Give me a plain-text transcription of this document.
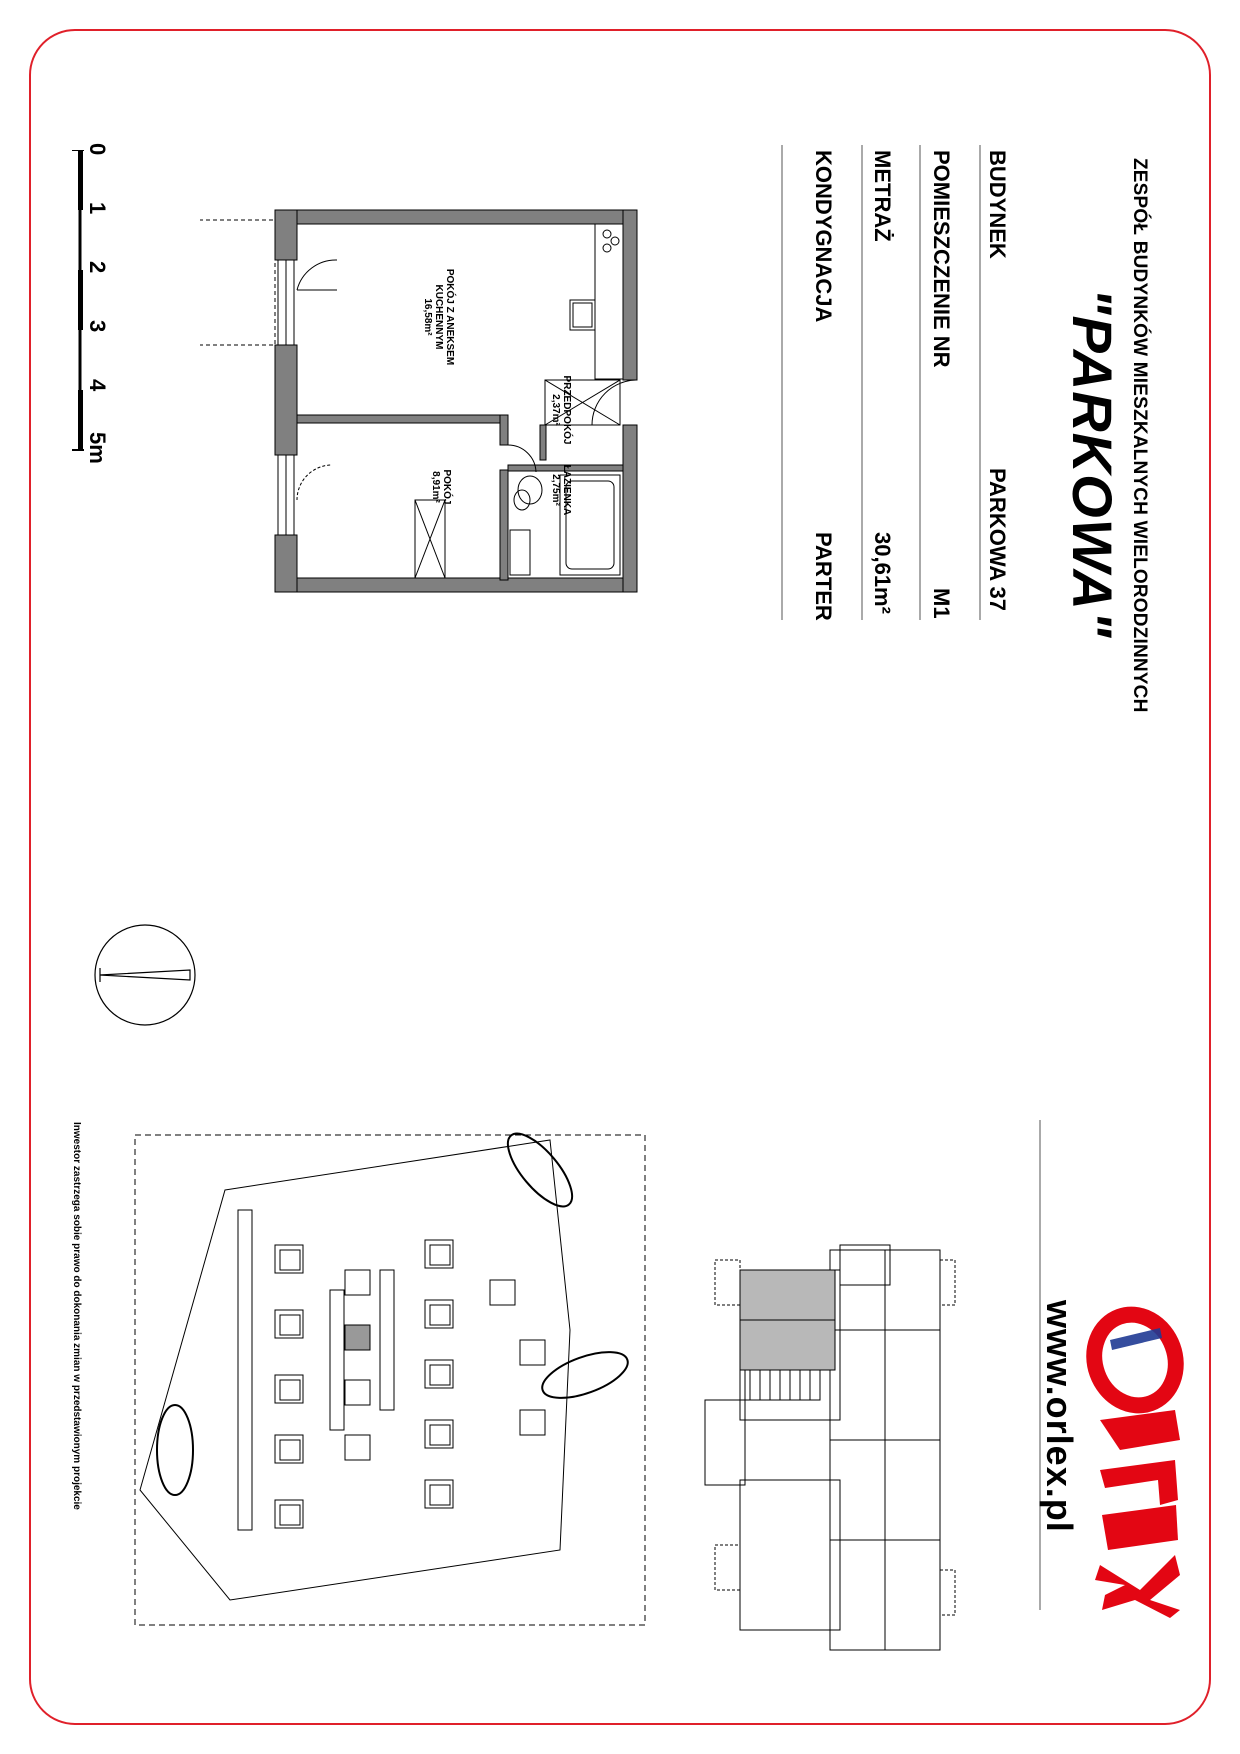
ZESPÓŁ BUDYNKÓW MIESZKALNYCH WIELORODZINNYCH
"PARKOWA"
BUDYNEK
PARKOWA 37
POMIESZCZENIE NR
M1
METRAŻ
30,61m²
KONDYGNACJA
PARTER
www.orlex.pl
0
1
2
3
4
5m
POKÓJ Z ANEKSEM KUCHENNYM
16,58m²
PRZEDPOKÓJ
2,37m²
ŁAZIENKA
2,75m²
POKÓJ
8,91m²
Inwestor zastrzega sobie prawo do dokonania zmian w przedstawionym projekcie
